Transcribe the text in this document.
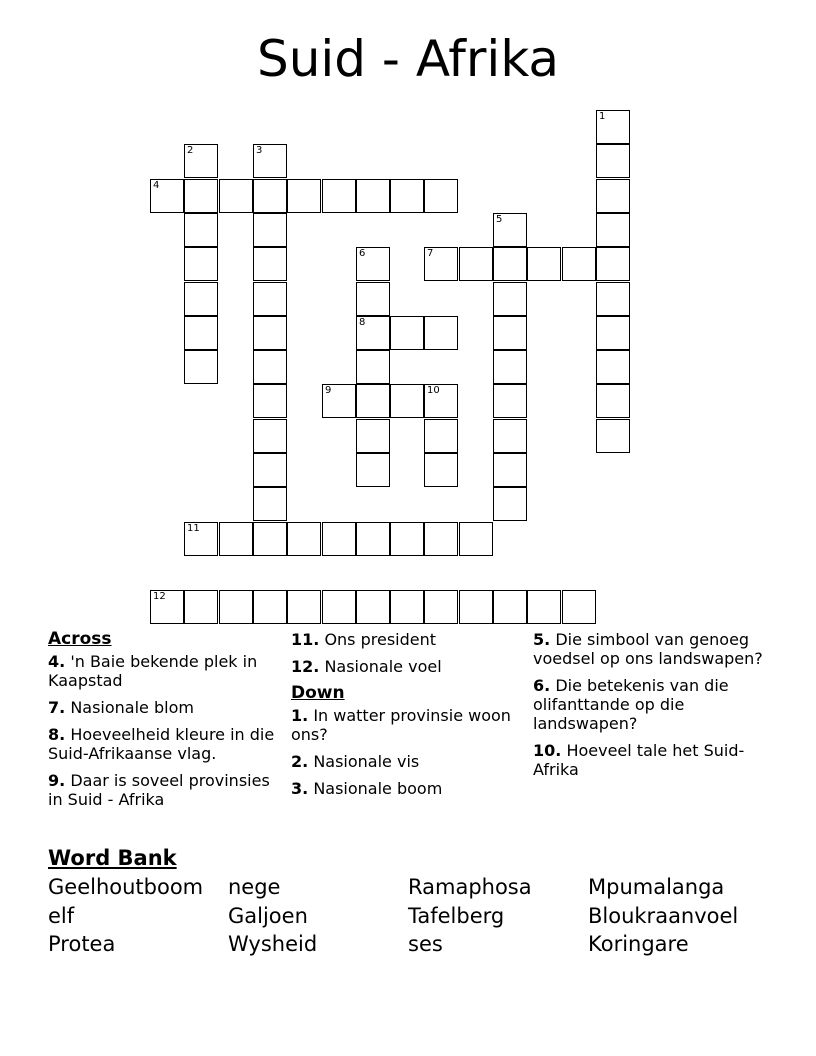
Suid - Afrika
1
2	3
4
5
6
8
7
9	10
11
12
Across
4. 'n Baie bekende plek in Kaapstad
7. Nasionale blom
8. Hoeveelheid kleure in die Suid-Afrikaanse vlag.
9. Daar is soveel provinsies in Suid - Afrika
11. Ons president
12. Nasionale voel
Down
1. In watter provinsie woon ons?
2. Nasionale vis
3. Nasionale boom
5. Die simbool van genoeg voedsel op ons landswapen?
6. Die betekenis van die olifanttande op die landswapen?
10. Hoeveel tale het Suid-Afrika
Word Bank
Geelhoutboom nege	Ramaphosa	Mpumalanga
elf	Galjoen	Tafelberg	Bloukraanvoel
Protea	Wysheid	ses	Koringare
